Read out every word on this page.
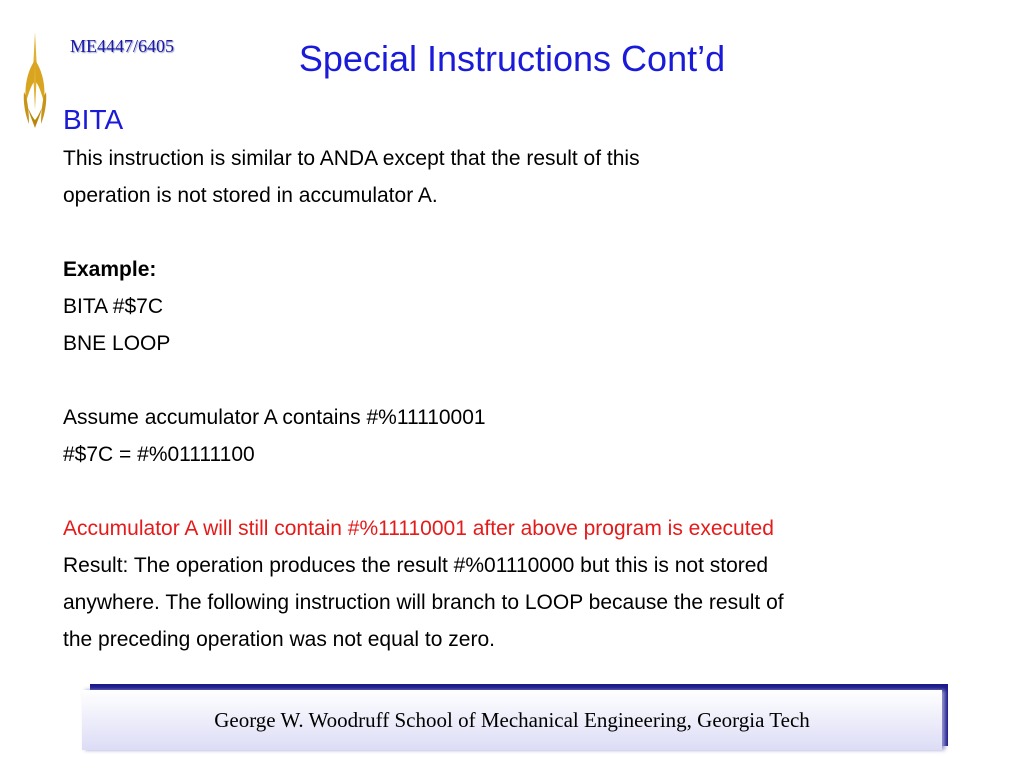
ME4447/6405	Special Instructions Cont’d
BITA
This instruction is similar to ANDA except that the result of this
operation is not stored in accumulator A.
Example:
BITA #$7C
BNE LOOP
Assume accumulator A contains #%11110001
#$7C = #%01111100
Accumulator A will still contain #%11110001 after above program is executed
Result: The operation produces the result #%01110000 but this is not stored
anywhere. The following instruction will branch to LOOP because the result of
the preceding operation was not equal to zero.
George W. Woodruff School of Mechanical Engineering, Georgia Tech
